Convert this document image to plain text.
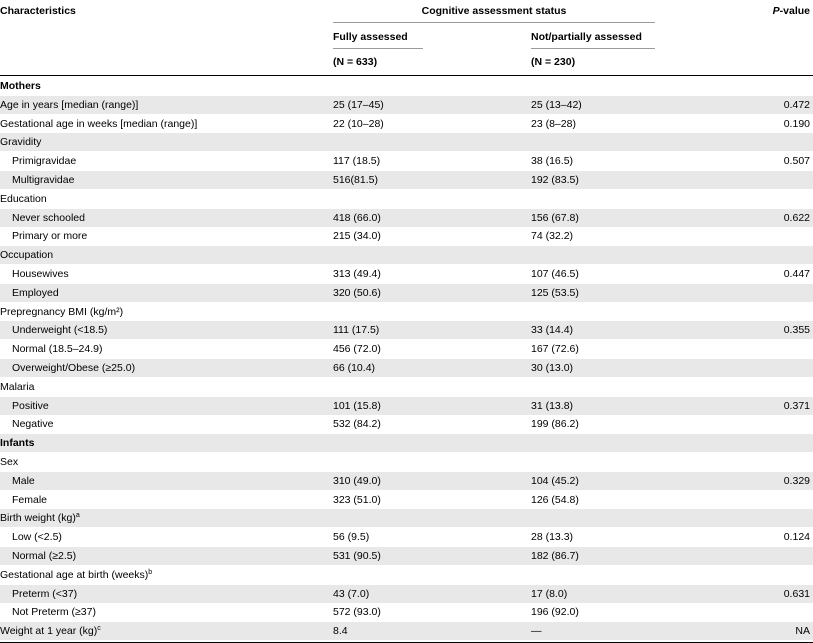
Characteristics	Cognitive assessment status	P-value
Fully assessed	Not/partially assessed
(N = 633)	(N = 230)
Mothers
Age in years [median (range)]	25 (17–45)	25 (13–42)	0.472
Gestational age in weeks [median (range)]	22 (10–28)	23 (8–28)	0.190
Gravidity
Primigravidae	117 (18.5)	38 (16.5)	0.507
Multigravidae	516(81.5)	192 (83.5)
Education
Never schooled	418 (66.0)	156 (67.8)	0.622
Primary or more	215 (34.0)	74 (32.2)
Occupation
Housewives	313 (49.4)	107 (46.5)	0.447
Employed	320 (50.6)	125 (53.5)
Prepregnancy BMI (kg/m²)
Underweight (<18.5)	111 (17.5)	33 (14.4)	0.355
Normal (18.5–24.9)	456 (72.0)	167 (72.6)
Overweight/Obese (≥25.0)	66 (10.4)	30 (13.0)
Malaria
Positive	101 (15.8)	31 (13.8)	0.371
Negative	532 (84.2)	199 (86.2)
Infants
Sex
Male	310 (49.0)	104 (45.2)	0.329
Female	323 (51.0)	126 (54.8)
Birth weight (kg)$^a$
Low (<2.5)	56 (9.5)	28 (13.3)	0.124
Normal (≥2.5)	531 (90.5)	182 (86.7)
Gestational age at birth (weeks)$^b$
Preterm (<37)	43 (7.0)	17 (8.0)	0.631
Not Preterm (≥37)	572 (93.0)	196 (92.0)
Weight at 1 year (kg)$^c$	8.4	—	NA
